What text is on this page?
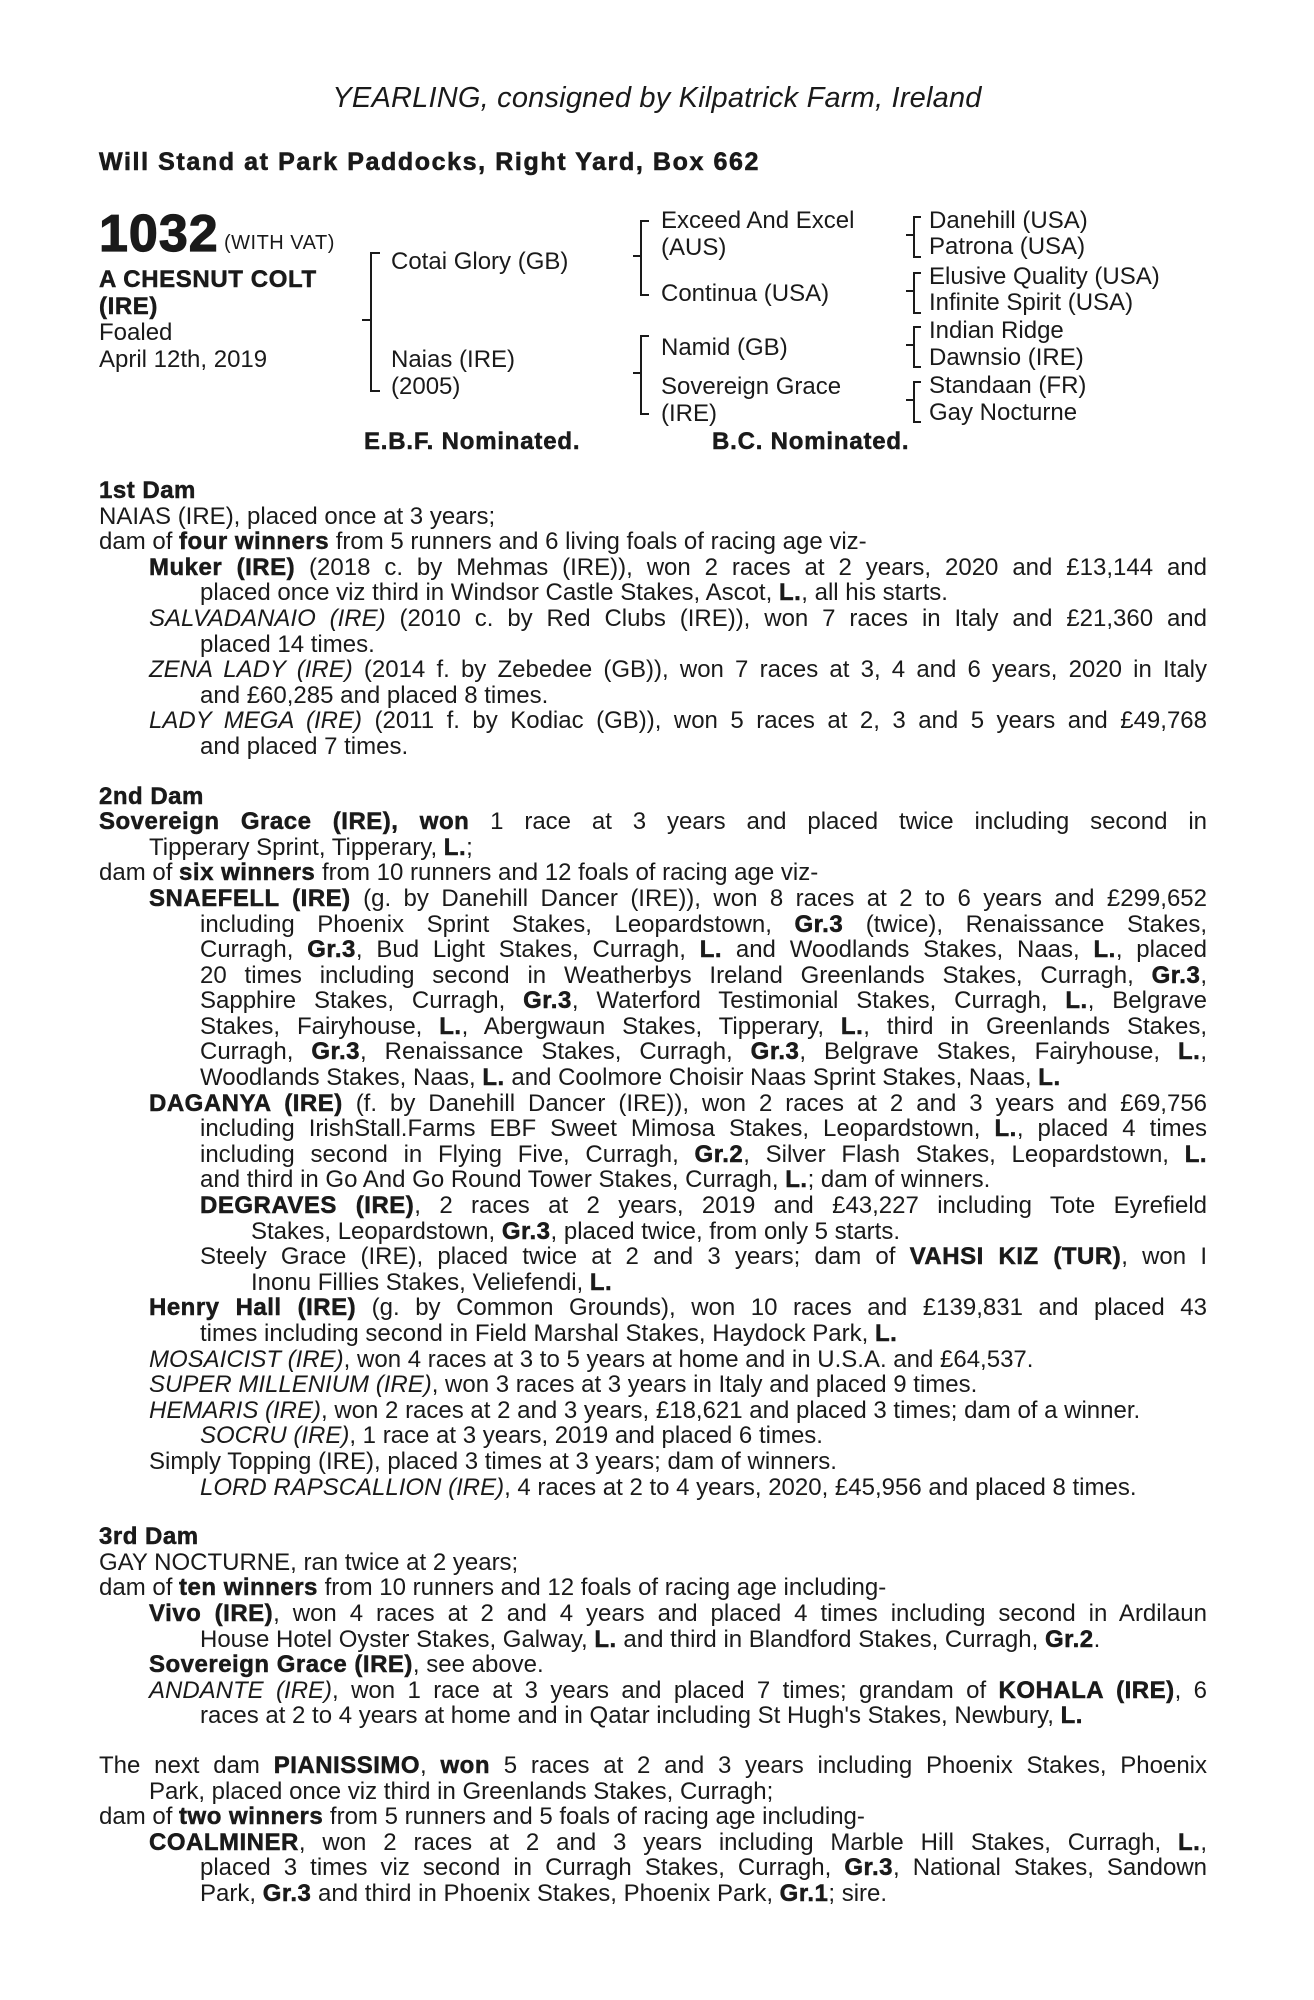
YEARLING, consigned by Kilpatrick Farm, Ireland
Will Stand at Park Paddocks, Right Yard, Box 662
1032 (WITH VAT)
A CHESNUT COLT (IRE)
Foaled
April 12th, 2019
Cotai Glory (GB)
Naias (IRE)
(2005)
Exceed And Excel
(AUS)
Continua (USA)
Namid (GB)
Sovereign Grace
(IRE)
Danehill (USA)
Patrona (USA)
Elusive Quality (USA)
Infinite Spirit (USA)
Indian Ridge
Dawnsio (IRE)
Standaan (FR)
Gay Nocturne
E.B.F. Nominated.	B.C. Nominated.
1st Dam
NAIAS (IRE), placed once at 3 years;
dam of four winners from 5 runners and 6 living foals of racing age viz-
Muker (IRE) (2018 c. by Mehmas (IRE)), won 2 races at 2 years, 2020 and £13,144 and
placed once viz third in Windsor Castle Stakes, Ascot, L., all his starts.
SALVADANAIO (IRE) (2010 c. by Red Clubs (IRE)), won 7 races in Italy and £21,360 and
placed 14 times.
ZENA LADY (IRE) (2014 f. by Zebedee (GB)), won 7 races at 3, 4 and 6 years, 2020 in Italy
and £60,285 and placed 8 times.
LADY MEGA (IRE) (2011 f. by Kodiac (GB)), won 5 races at 2, 3 and 5 years and £49,768
and placed 7 times.
2nd Dam
Sovereign Grace (IRE), won 1 race at 3 years and placed twice including second in
Tipperary Sprint, Tipperary, L.;
dam of six winners from 10 runners and 12 foals of racing age viz-
SNAEFELL (IRE) (g. by Danehill Dancer (IRE)), won 8 races at 2 to 6 years and £299,652
including Phoenix Sprint Stakes, Leopardstown, Gr.3 (twice), Renaissance Stakes,
Curragh, Gr.3, Bud Light Stakes, Curragh, L. and Woodlands Stakes, Naas, L., placed
20 times including second in Weatherbys Ireland Greenlands Stakes, Curragh, Gr.3,
Sapphire Stakes, Curragh, Gr.3, Waterford Testimonial Stakes, Curragh, L., Belgrave
Stakes, Fairyhouse, L., Abergwaun Stakes, Tipperary, L., third in Greenlands Stakes,
Curragh, Gr.3, Renaissance Stakes, Curragh, Gr.3, Belgrave Stakes, Fairyhouse, L.,
Woodlands Stakes, Naas, L. and Coolmore Choisir Naas Sprint Stakes, Naas, L.
DAGANYA (IRE) (f. by Danehill Dancer (IRE)), won 2 races at 2 and 3 years and £69,756
including IrishStall.Farms EBF Sweet Mimosa Stakes, Leopardstown, L., placed 4 times
including second in Flying Five, Curragh, Gr.2, Silver Flash Stakes, Leopardstown, L.
and third in Go And Go Round Tower Stakes, Curragh, L.; dam of winners.
DEGRAVES (IRE), 2 races at 2 years, 2019 and £43,227 including Tote Eyrefield
Stakes, Leopardstown, Gr.3, placed twice, from only 5 starts.
Steely Grace (IRE), placed twice at 2 and 3 years; dam of VAHSI KIZ (TUR), won I
Inonu Fillies Stakes, Veliefendi, L.
Henry Hall (IRE) (g. by Common Grounds), won 10 races and £139,831 and placed 43
times including second in Field Marshal Stakes, Haydock Park, L.
MOSAICIST (IRE), won 4 races at 3 to 5 years at home and in U.S.A. and £64,537.
SUPER MILLENIUM (IRE), won 3 races at 3 years in Italy and placed 9 times.
HEMARIS (IRE), won 2 races at 2 and 3 years, £18,621 and placed 3 times; dam of a winner.
SOCRU (IRE), 1 race at 3 years, 2019 and placed 6 times.
Simply Topping (IRE), placed 3 times at 3 years; dam of winners.
LORD RAPSCALLION (IRE), 4 races at 2 to 4 years, 2020, £45,956 and placed 8 times.
3rd Dam
GAY NOCTURNE, ran twice at 2 years;
dam of ten winners from 10 runners and 12 foals of racing age including-
Vivo (IRE), won 4 races at 2 and 4 years and placed 4 times including second in Ardilaun
House Hotel Oyster Stakes, Galway, L. and third in Blandford Stakes, Curragh, Gr.2.
Sovereign Grace (IRE), see above.
ANDANTE (IRE), won 1 race at 3 years and placed 7 times; grandam of KOHALA (IRE), 6
races at 2 to 4 years at home and in Qatar including St Hugh's Stakes, Newbury, L.
The next dam PIANISSIMO, won 5 races at 2 and 3 years including Phoenix Stakes, Phoenix
Park, placed once viz third in Greenlands Stakes, Curragh;
dam of two winners from 5 runners and 5 foals of racing age including-
COALMINER, won 2 races at 2 and 3 years including Marble Hill Stakes, Curragh, L.,
placed 3 times viz second in Curragh Stakes, Curragh, Gr.3, National Stakes, Sandown
Park, Gr.3 and third in Phoenix Stakes, Phoenix Park, Gr.1; sire.
